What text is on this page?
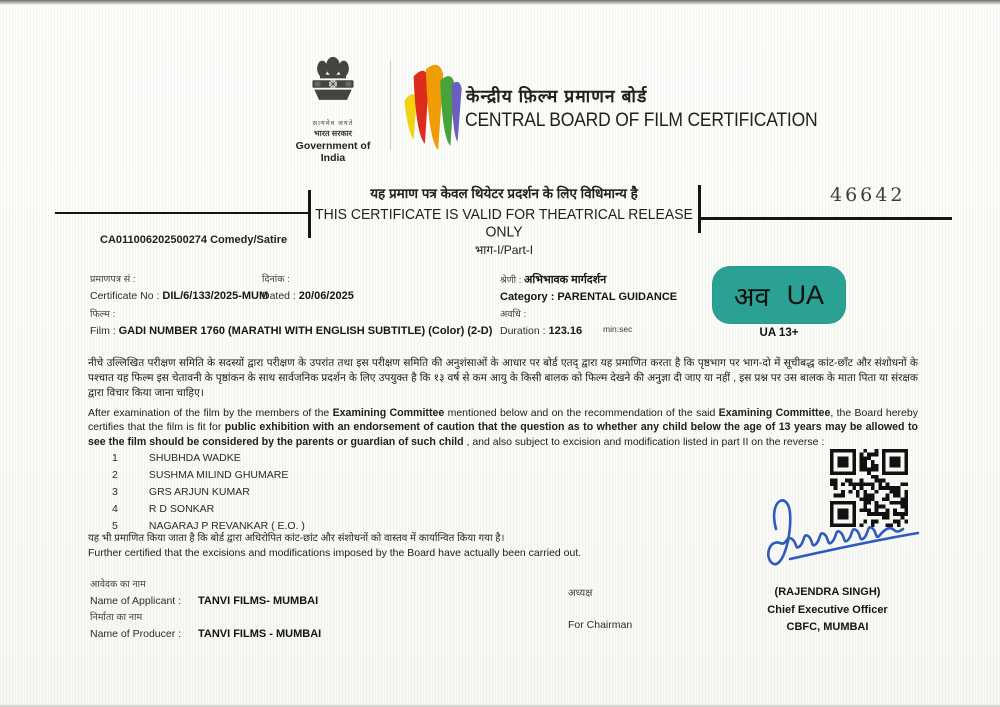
सत्यमेव जयते
भारत सरकार
Government of India
केन्द्रीय फ़िल्म प्रमाणन बोर्ड
CENTRAL BOARD OF FILM CERTIFICATION
यह प्रमाण पत्र केवल थियेटर प्रदर्शन के लिए विधिमान्य है
THIS CERTIFICATE IS VALID FOR THEATRICAL RELEASE ONLY
भाग-I/Part-I
46642
CA011006202500274 Comedy/Satire
प्रमाणपत्र सं :
Certificate No : DIL/6/133/2025-MUM
दिनांक :
Dated : 20/06/2025
श्रेणी : अभिभावक मार्गदर्शन
Category : PARENTAL GUIDANCE
फिल्म :
Film : GADI NUMBER 1760 (MARATHI WITH ENGLISH SUBTITLE) (Color) (2-D)
अवधि :
Duration : 123.16 min:sec
अव UA
UA 13+
नीचे उल्लिखित परीक्षण समिति के सदस्यों द्वारा परीक्षण के उपरांत तथा इस परीक्षण समिति की अनुशंसाओं के आधार पर बोर्ड एतद् द्वारा यह प्रमाणित करता है कि पृष्ठभाग पर भाग-दो में सूचीबद्ध कांट-छाँट और संशोधनों के पश्चात यह फिल्म इस चेतावनी के पृष्ठांकन के साथ सार्वजनिक प्रदर्शन के लिए उपयुक्त है कि १३ वर्ष से कम आयु के किसी बालक को फिल्म देखने की अनुज्ञा दी जाए या नहीं , इस प्रश्न पर उस बालक के माता पिता या संरक्षक द्वारा विचार किया जाना चाहिए।
After examination of the film by the members of the Examining Committee mentioned below and on the recommendation of the said Examining Committee, the Board hereby certifies that the film is fit for public exhibition with an endorsement of caution that the question as to whether any child below the age of 13 years may be allowed to see the film should be considered by the parents or guardian of such child , and also subject to excision and modification listed in part II on the reverse :
1	SHUBHDA WADKE
2	SUSHMA MILIND GHUMARE
3	GRS ARJUN KUMAR
4	R D SONKAR
5	NAGARAJ P REVANKAR ( E.O. )
यह भी प्रमाणित किया जाता है कि बोर्ड द्वारा अधिरोपित कांट-छांट और संशोधनों को वास्तव में कार्यान्वित किया गया है।
Further certified that the excisions and modifications imposed by the Board have actually been carried out.
आवेदक का नाम
Name of Applicant : TANVI FILMS- MUMBAI
निर्माता का नाम
Name of Producer : TANVI FILMS - MUMBAI
अध्यक्ष
For Chairman
(RAJENDRA SINGH)
Chief Executive Officer
CBFC, MUMBAI
